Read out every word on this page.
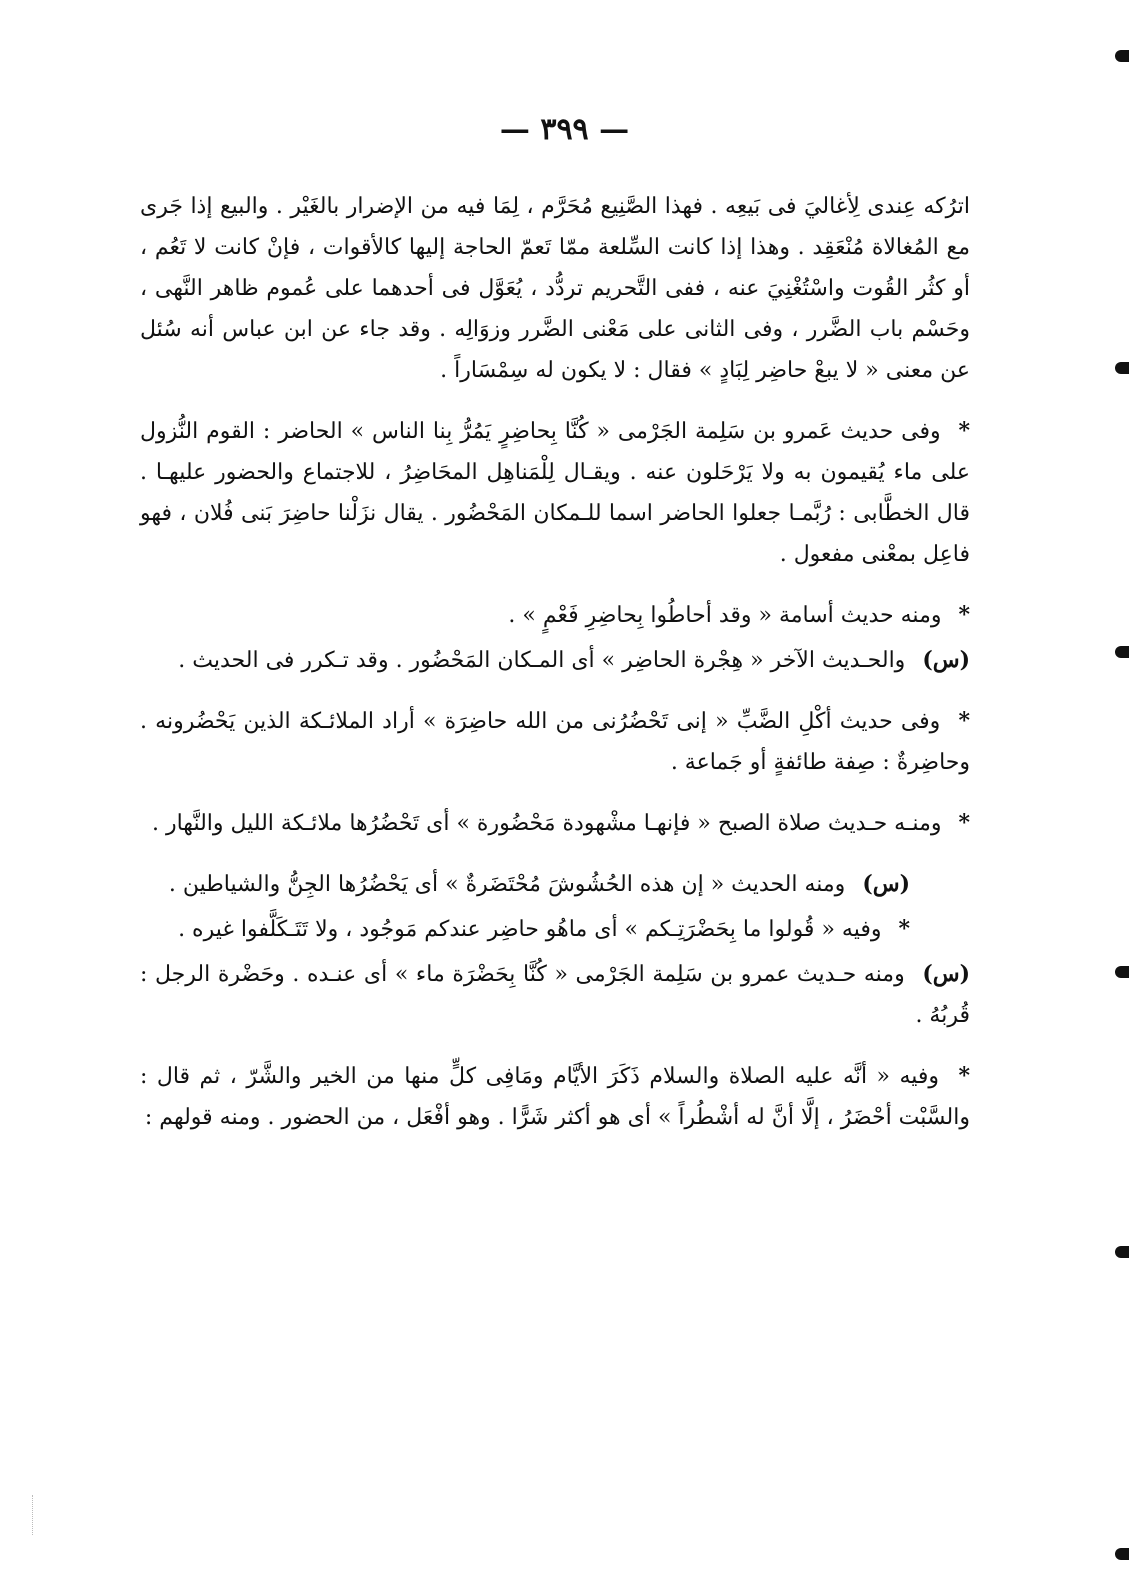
— ٣٩٩ —

اترُكه عِندى لِأغاليَ فى بَيعِه . فهذا الصَّنِيع مُحَرَّم ، لِمَا فيه من الإضرار بالغَيْر . والبيع إذا جَرى مع المُغالاة مُنْعَقِد . وهذا إذا كانت السِّلعة ممّا تَعمّ الحاجة إليها كالأقوات ، فإنْ كانت لا تَعُم ، أو كثُر القُوت واسْتُغْنِيَ عنه ، ففى التَّحريم تردُّد ، يُعَوَّل فى أحدهما على عُموم ظاهر النَّهى ، وحَسْم باب الضَّرر ، وفى الثانى على مَعْنى الضَّرر وزوَالِه . وقد جاء عن ابن عباس أنه سُئل عن معنى « لا يبعْ حاضِر لِبَادٍ » فقال : لا يكون له سِمْسَاراً .

* وفى حديث عَمرو بن سَلِمة الجَرْمى « كُنَّا بِحاضِرٍ يَمُرُّ بِنا الناس » الحاضر : القوم النُّزول على ماء يُقيمون به ولا يَرْحَلون عنه . ويقـال لِلْمَناهِل المحَاضِرُ ، للاجتماع والحضور عليهـا . قال الخطَّابى : رُبَّمـا جعلوا الحاضر اسما للـمكان المَحْضُور . يقال نزَلْنا حاضِرَ بَنى فُلان ، فهو فاعِل بمعْنى مفعول .

* ومنه حديث أسامة « وقد أحاطُوا بِحاضِرِ فَعْمٍ » .

(س) والحـديث الآخر « هِجْرة الحاضِر » أى المـكان المَحْضُور . وقد تـكرر فى الحديث .

* وفى حديث أكْلِ الضَّبِّ « إنى تَحْضُرُنى من الله حاضِرَة » أراد الملائـكة الذين يَحْضُرونه . وحاضِرةٌ : صِفة طائفةٍ أو جَماعة .

* ومنـه حـديث صلاة الصبح « فإنهـا مشْهودة مَحْضُورة » أى تَحْضُرُها ملائـكة الليل والنَّهار .

(س) ومنه الحديث « إن هذه الحُشُوشَ مُحْتَضَرةٌ » أى يَحْضُرُها الجِنُّ والشياطين .

* وفيه « قُولوا ما بِحَضْرَتِـكم » أى ماهُو حاضِر عندكم مَوجُود ، ولا تَتَـكَلَّفوا غيره .

(س) ومنه حـديث عمرو بن سَلِمة الجَرْمى « كُنَّا بِحَضْرَة ماء » أى عنـده . وحَضْرة الرجل : قُربُهُ .

* وفيه « أنَّه عليه الصلاة والسلام ذَكَرَ الأيَّام ومَافِى كلٍّ منها من الخير والشَّرّ ، ثم قال : والسَّبْت أحْضَرُ ، إلَّا أنَّ له أشْطُراً » أى هو أكثر شَرًّا . وهو أفْعَل ، من الحضور . ومنه قولهم :
